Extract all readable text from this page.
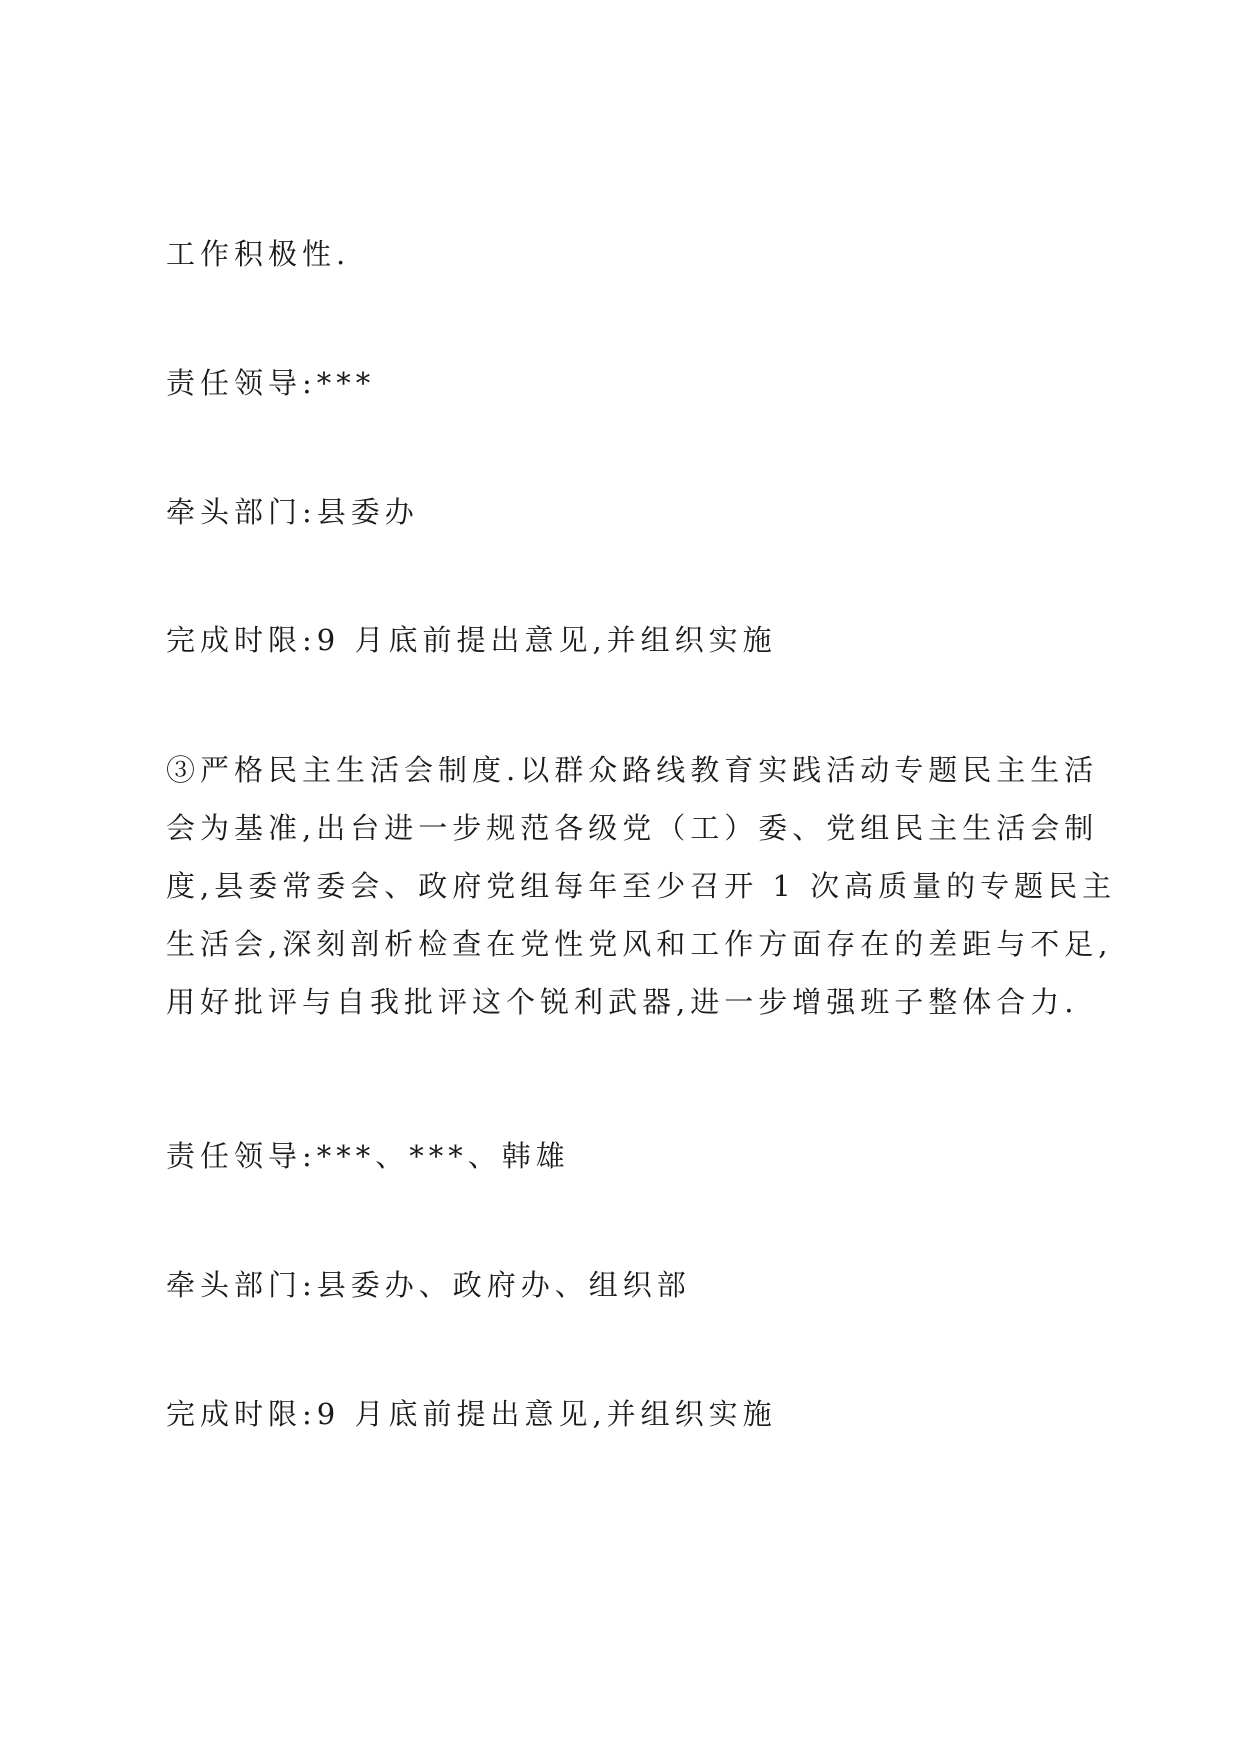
工作积极性.

责任领导:***

牵头部门:县委办

完成时限:9 月底前提出意见,并组织实施

③严格民主生活会制度.以群众路线教育实践活动专题民主生活
会为基准,出台进一步规范各级党（工）委、党组民主生活会制
度,县委常委会、政府党组每年至少召开 1 次高质量的专题民主
生活会,深刻剖析检查在党性党风和工作方面存在的差距与不足,
用好批评与自我批评这个锐利武器,进一步增强班子整体合力.

责任领导:***、***、韩雄

牵头部门:县委办、政府办、组织部

完成时限:9 月底前提出意见,并组织实施
